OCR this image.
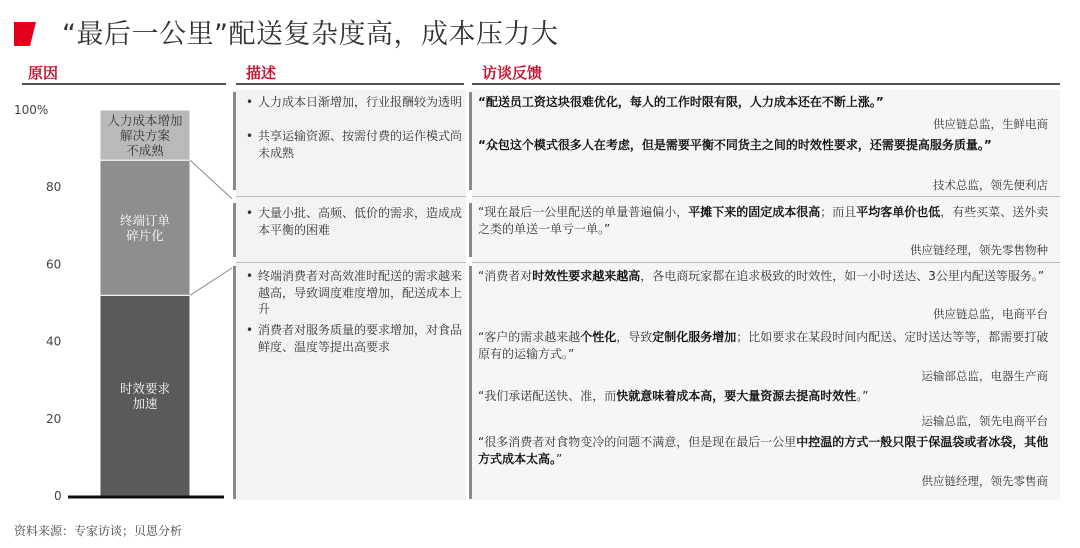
“最后一公里”配送复杂度高，成本压力大
原因	描述	访谈反馈
0
20
40
60
80
100%
时效要求
加速
终端订单
碎片化
人力成本增加
解决方案
不成熟
• 人力成本日渐增加，行业报酬较为透明
• 共享运输资源、按需付费的运作模式尚未成熟
• 大量小批、高频、低价的需求，造成成本平衡的困难
• 终端消费者对高效准时配送的需求越来越高，导致调度难度增加，配送成本上升
• 消费者对服务质量的要求增加，对食品鲜度、温度等提出高要求
“配送员工资这块很难优化，每人的工作时限有限，人力成本还在不断上涨。”
供应链总监，生鲜电商
“众包这个模式很多人在考虑，但是需要平衡不同货主之间的时效性要求，还需要提高服务质量。”
技术总监，领先便利店
“现在最后一公里配送的单量普遍偏小，平摊下来的固定成本很高；而且平均客单价也低，有些买菜、送外卖之类的单送一单亏一单。”
供应链经理，领先零售物种
“消费者对时效性要求越来越高，各电商玩家都在追求极致的时效性，如一小时送达、3公里内配送等服务。”
供应链总监，电商平台
“客户的需求越来越个性化，导致定制化服务增加；比如要求在某段时间内配送、定时送达等等，都需要打破原有的运输方式。”
运输部总监，电器生产商
“我们承诺配送快、准，而快就意味着成本高，要大量资源去提高时效性。”
运输总监，领先电商平台
“很多消费者对食物变冷的问题不满意，但是现在最后一公里中控温的方式一般只限于保温袋或者冰袋，其他方式成本太高。”
供应链经理，领先零售商
资料来源：专家访谈；贝恩分析
